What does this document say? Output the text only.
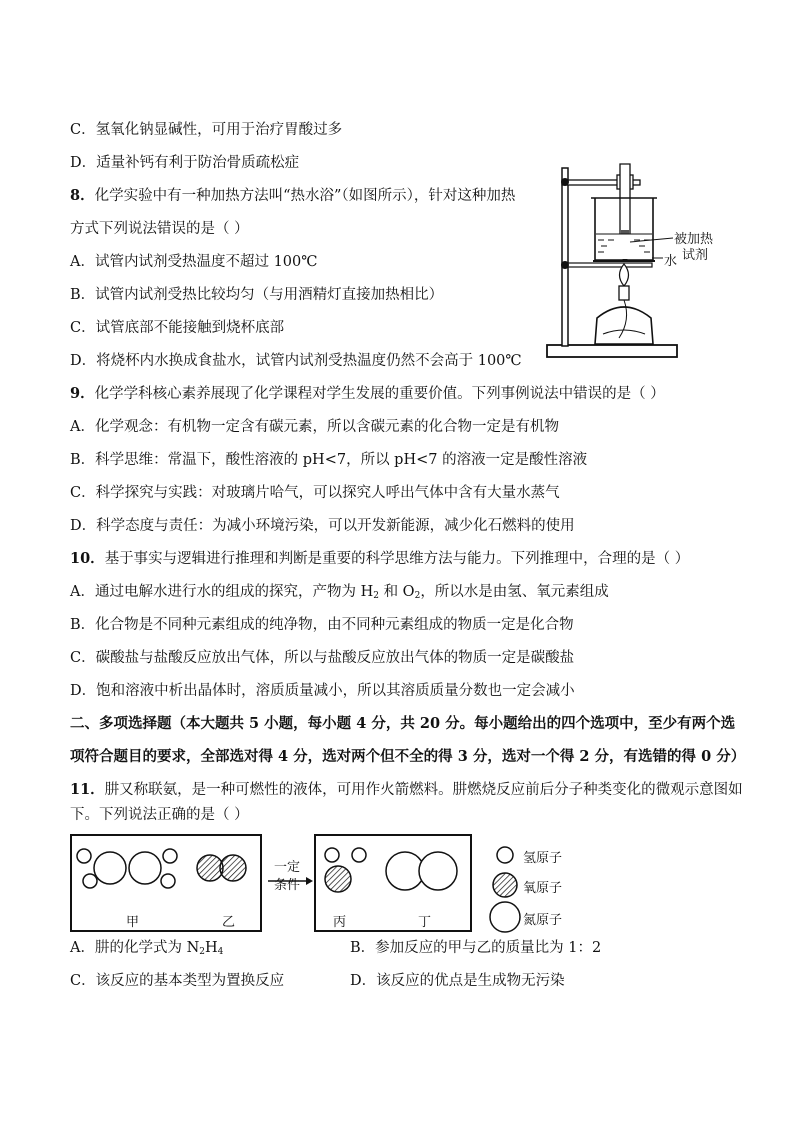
C．氢氧化钠显碱性，可用于治疗胃酸过多
D．适量补钙有利于防治骨质疏松症
8．化学实验中有一种加热方法叫“热水浴”（如图所示），针对这种加热
方式下列说法错误的是（ ）
A．试管内试剂受热温度不超过 100℃
B．试管内试剂受热比较均匀（与用酒精灯直接加热相比）
C．试管底部不能接触到烧杯底部
D．将烧杯内水换成食盐水，试管内试剂受热温度仍然不会高于 100℃
9．化学学科核心素养展现了化学课程对学生发展的重要价值。下列事例说法中错误的是（ ）
A．化学观念：有机物一定含有碳元素，所以含碳元素的化合物一定是有机物
B．科学思维：常温下，酸性溶液的 pH<7，所以 pH<7 的溶液一定是酸性溶液
C．科学探究与实践：对玻璃片哈气，可以探究人呼出气体中含有大量水蒸气
D．科学态度与责任：为减小环境污染，可以开发新能源，减少化石燃料的使用
10．基于事实与逻辑进行推理和判断是重要的科学思维方法与能力。下列推理中，合理的是（ ）
A．通过电解水进行水的组成的探究，产物为 $H_2$ 和 $O_2$，所以水是由氢、氧元素组成
B．化合物是不同种元素组成的纯净物，由不同种元素组成的物质一定是化合物
C．碳酸盐与盐酸反应放出气体，所以与盐酸反应放出气体的物质一定是碳酸盐
D．饱和溶液中析出晶体时，溶质质量减小，所以其溶质质量分数也一定会减小
二、多项选择题（本大题共 5 小题，每小题 4 分，共 20 分。每小题给出的四个选项中，至少有两个选
项符合题目的要求，全部选对得 4 分，选对两个但不全的得 3 分，选对一个得 2 分，有选错的得 0 分）
11．肼又称联氨，是一种可燃性的液体，可用作火箭燃料。肼燃烧反应前后分子种类变化的微观示意图如
下。下列说法正确的是（ ）
A．肼的化学式为 $N_2H_4$	B．参加反应的甲与乙的质量比为 1：2
C．该反应的基本类型为置换反应	D．该反应的优点是生成物无污染
被加热
试剂
水
甲	乙
一定
条件
丙	丁
氢原子
氧原子
氮原子
